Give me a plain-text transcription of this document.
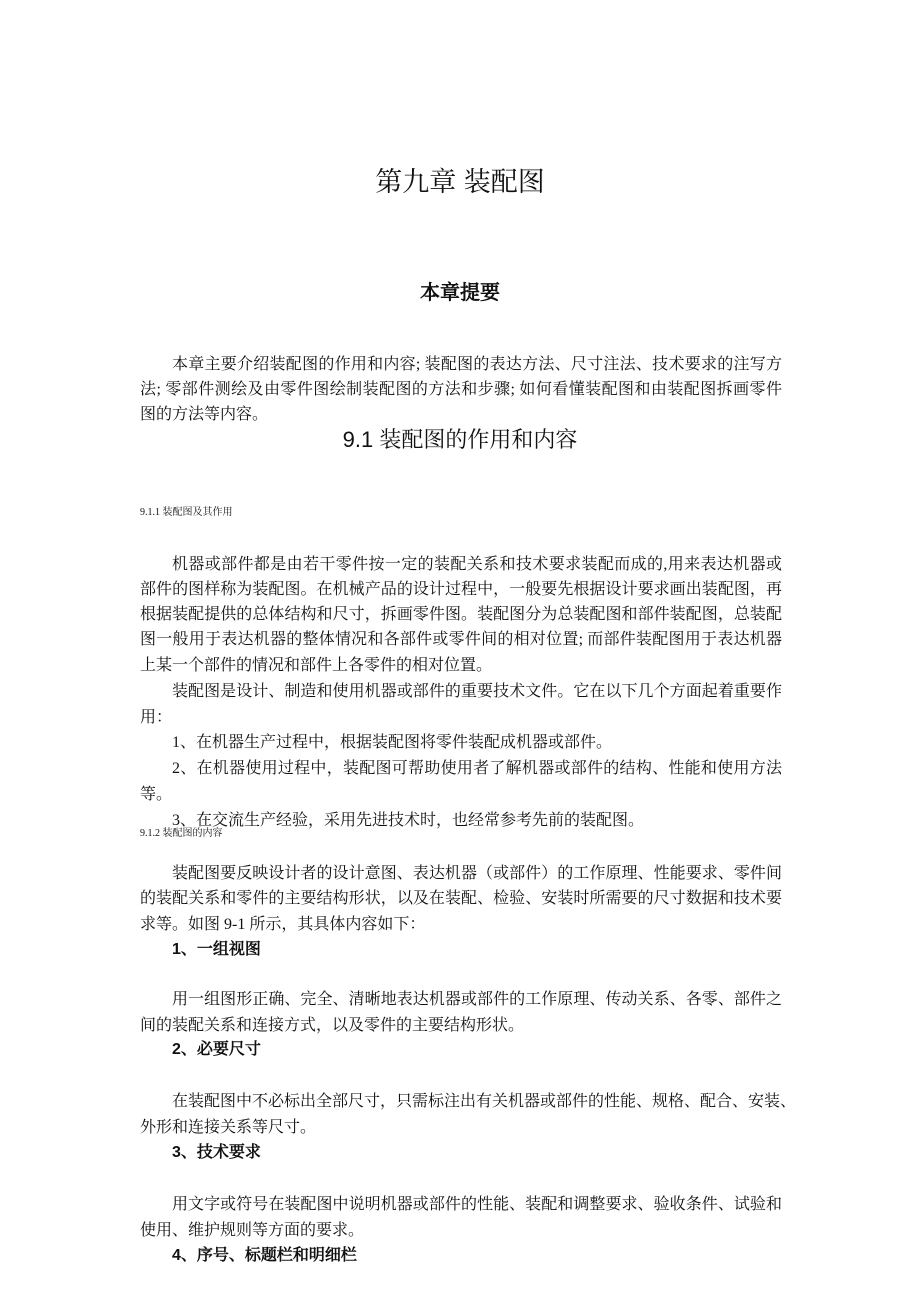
第九章 装配图
本章提要
本章主要介绍装配图的作用和内容; 装配图的表达方法、尺寸注法、技术要求的注写方
法; 零部件测绘及由零件图绘制装配图的方法和步骤; 如何看懂装配图和由装配图拆画零件
图的方法等内容。
9.1 装配图的作用和内容
9.1.1 装配图及其作用
机器或部件都是由若干零件按一定的装配关系和技术要求装配而成的,用来表达机器或
部件的图样称为装配图。在机械产品的设计过程中，一般要先根据设计要求画出装配图，再
根据装配提供的总体结构和尺寸，拆画零件图。装配图分为总装配图和部件装配图，总装配
图一般用于表达机器的整体情况和各部件或零件间的相对位置; 而部件装配图用于表达机器
上某一个部件的情况和部件上各零件的相对位置。
装配图是设计、制造和使用机器或部件的重要技术文件。它在以下几个方面起着重要作
用：
1、在机器生产过程中，根据装配图将零件装配成机器或部件。
2、在机器使用过程中，装配图可帮助使用者了解机器或部件的结构、性能和使用方法
等。
3、在交流生产经验，采用先进技术时，也经常参考先前的装配图。
9.1.2 装配图的内容
装配图要反映设计者的设计意图、表达机器（或部件）的工作原理、性能要求、零件间
的装配关系和零件的主要结构形状，以及在装配、检验、安装时所需要的尺寸数据和技术要
求等。如图 9-1 所示，其具体内容如下：
1、一组视图
用一组图形正确、完全、清晰地表达机器或部件的工作原理、传动关系、各零、部件之
间的装配关系和连接方式，以及零件的主要结构形状。
2、必要尺寸
在装配图中不必标出全部尺寸，只需标注出有关机器或部件的性能、规格、配合、安装、
外形和连接关系等尺寸。
3、技术要求
用文字或符号在装配图中说明机器或部件的性能、装配和调整要求、验收条件、试验和
使用、维护规则等方面的要求。
4、序号、标题栏和明细栏
